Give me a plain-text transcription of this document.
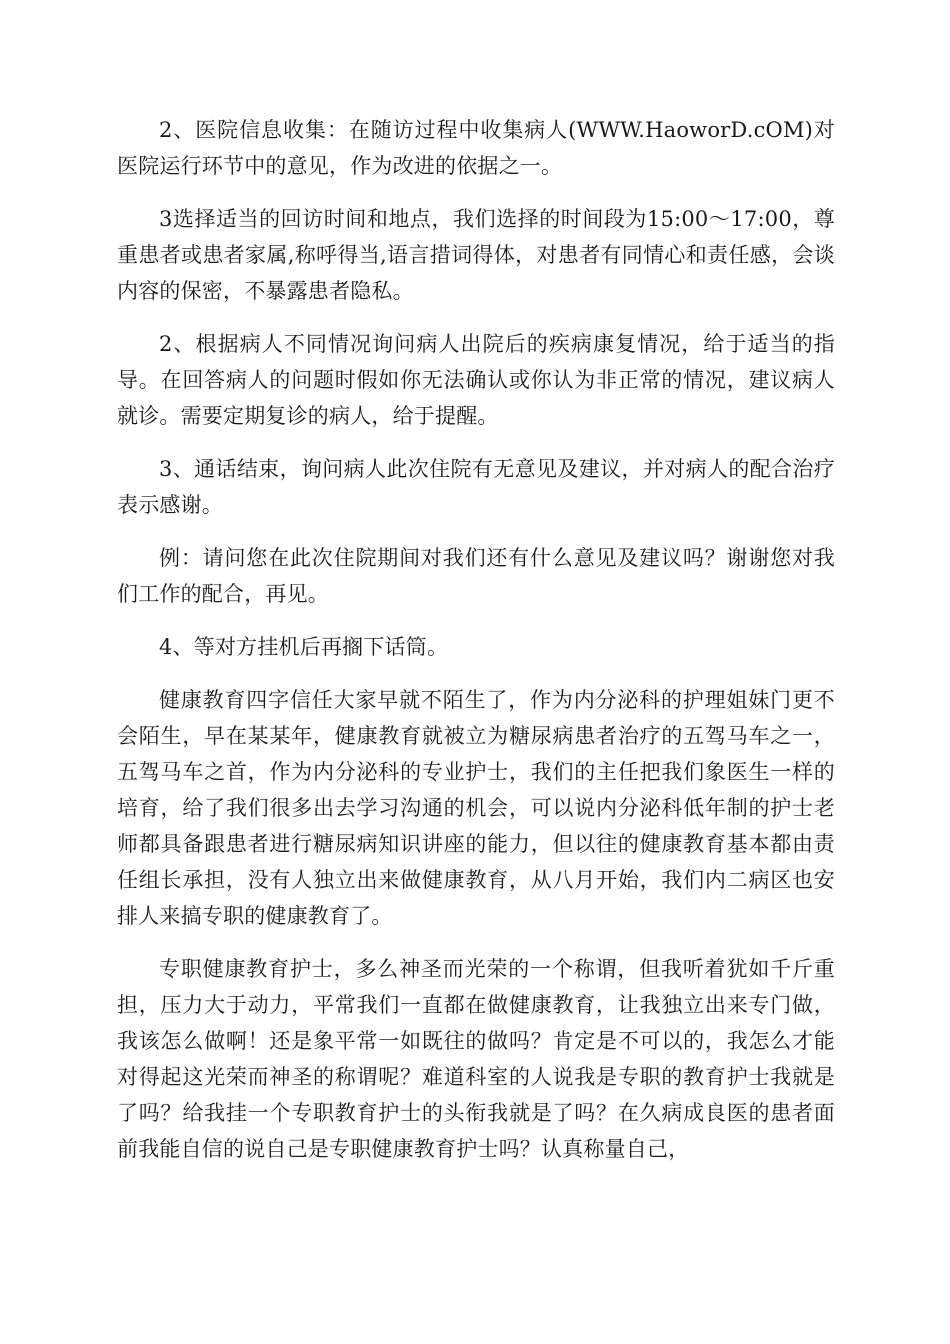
2、医院信息收集：在随访过程中收集病人(WWW.HaoworD.cOM)对医院运行环节中的意见，作为改进的依据之一。

3选择适当的回访时间和地点，我们选择的时间段为15:00～17:00，尊重患者或患者家属,称呼得当,语言措词得体，对患者有同情心和责任感，会谈内容的保密，不暴露患者隐私。

2、根据病人不同情况询问病人出院后的疾病康复情况，给于适当的指导。在回答病人的问题时假如你无法确认或你认为非正常的情况，建议病人就诊。需要定期复诊的病人，给于提醒。

3、通话结束，询问病人此次住院有无意见及建议，并对病人的配合治疗表示感谢。

例：请问您在此次住院期间对我们还有什么意见及建议吗？谢谢您对我们工作的配合，再见。

4、等对方挂机后再搁下话筒。

健康教育四字信任大家早就不陌生了，作为内分泌科的护理姐妹门更不会陌生，早在某某年，健康教育就被立为糖尿病患者治疗的五驾马车之一，五驾马车之首，作为内分泌科的专业护士，我们的主任把我们象医生一样的培育，给了我们很多出去学习沟通的机会，可以说内分泌科低年制的护士老师都具备跟患者进行糖尿病知识讲座的能力，但以往的健康教育基本都由责任组长承担，没有人独立出来做健康教育，从八月开始，我们内二病区也安排人来搞专职的健康教育了。

专职健康教育护士，多么神圣而光荣的一个称谓，但我听着犹如千斤重担，压力大于动力，平常我们一直都在做健康教育，让我独立出来专门做，我该怎么做啊！还是象平常一如既往的做吗？肯定是不可以的，我怎么才能对得起这光荣而神圣的称谓呢？难道科室的人说我是专职的教育护士我就是了吗？给我挂一个专职教育护士的头衔我就是了吗？在久病成良医的患者面前我能自信的说自己是专职健康教育护士吗？认真称量自己，
